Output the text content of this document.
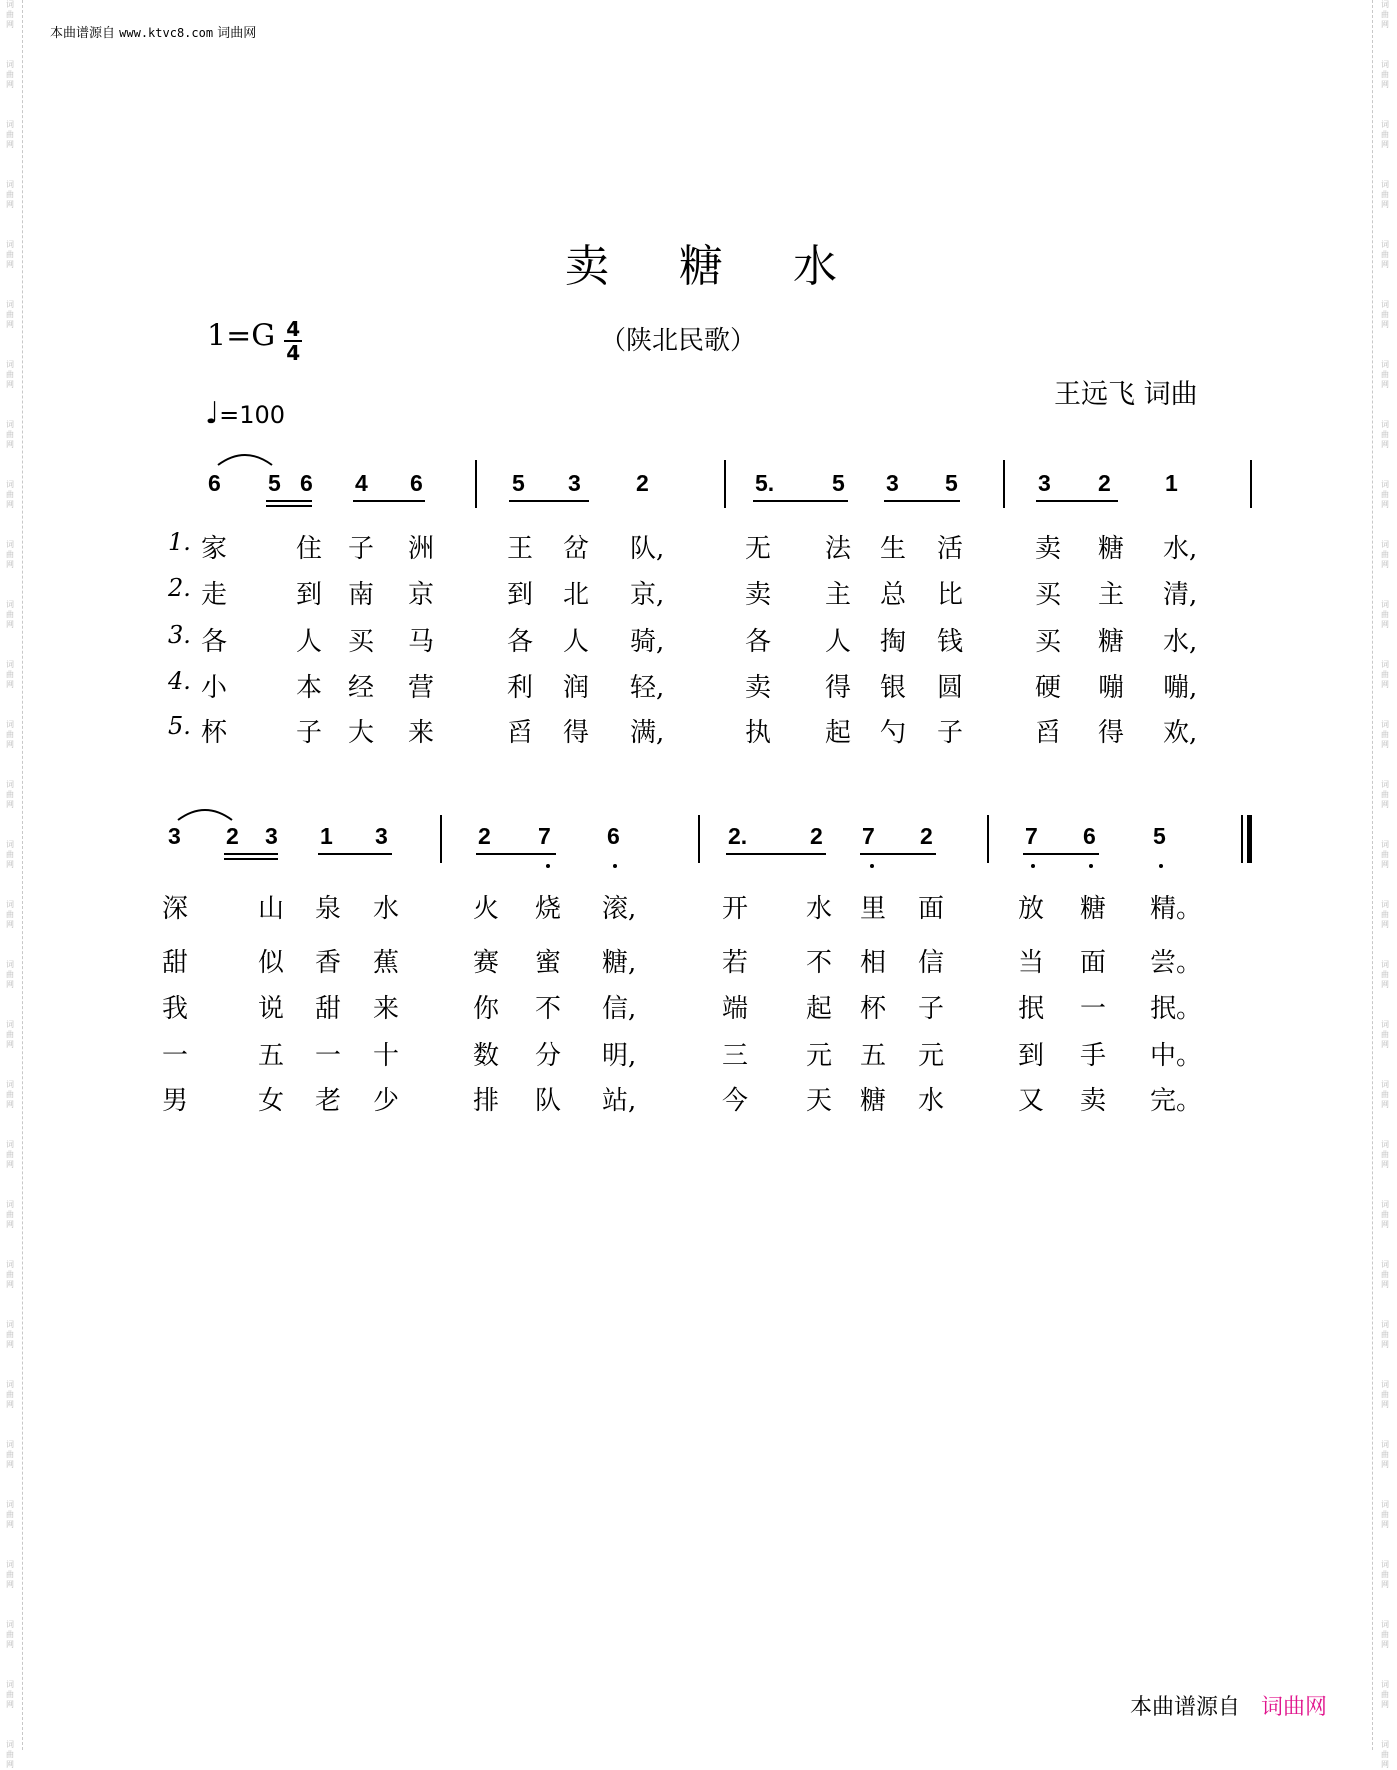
词
曲
网
词
曲
网
词
曲
网
词
曲
网
词
曲
网
词
曲
网
词
曲
网
词
曲
网
词
曲
网
词
曲
网
词
曲
网
词
曲
网
词
曲
网
词
曲
网
词
曲
网
词
曲
网
词
曲
网
词
曲
网
词
曲
网
词
曲
网
词
曲
网
词
曲
网
词
曲
网
词
曲
网
词
曲
网
词
曲
网
词
曲
网
词
曲
网
词
曲
网
词
曲
网
词
曲
网
词
曲
网
词
曲
网
词
曲
网
词
曲
网
词
曲
网
词
曲
网
词
曲
网
词
曲
网
词
曲
网
词
曲
网
词
曲
网
词
曲
网
词
曲
网
词
曲
网
词
曲
网
词
曲
网
词
曲
网
词
曲
网
词
曲
网
词
曲
网
词
曲
网
词
曲
网
词
曲
网
词
曲
网
词
曲
网
词
曲
网
词
曲
网
词
曲
网
词
曲
网
本曲谱源自 www.ktvc8.com 词曲网
卖 糖 水
$1=G \frac{4}{4}$	（陕北民歌）
王远飞 词曲
♩=100
本曲谱源自 词曲网
6 5 6 4 6	5 3 2	5.	5 3 5	3 2 1
3 2 3 1 3	2 7 6	2.	2 7 2	7 6 5
1. 家	住 子 洲	王 岔 队,	无 法 生 活	卖 糖 水,
2. 走	到 南 京	到 北 京,	卖 主 总 比	买 主 清,
3. 各	人 买 马	各 人 骑,	各 人 掏 钱	买 糖 水,
4. 小	本 经 营	利 润 轻,	卖 得 银 圆	硬 嘣 嘣,
5. 杯	子 大 来	舀 得 满,	执 起 勺 子	舀 得 欢,
深	山 泉 水	火 烧 滚,	开 水 里 面	放 糖 精。
甜	似 香 蕉	赛 蜜 糖,	若 不 相 信	当 面 尝。
我	说 甜 来	你 不 信,	端 起 杯 子	抿 一 抿。
一	五 一 十	数 分 明,	三 元 五 元	到 手 中。
男	女 老 少	排 队 站,	今 天 糖 水	又 卖 完。
